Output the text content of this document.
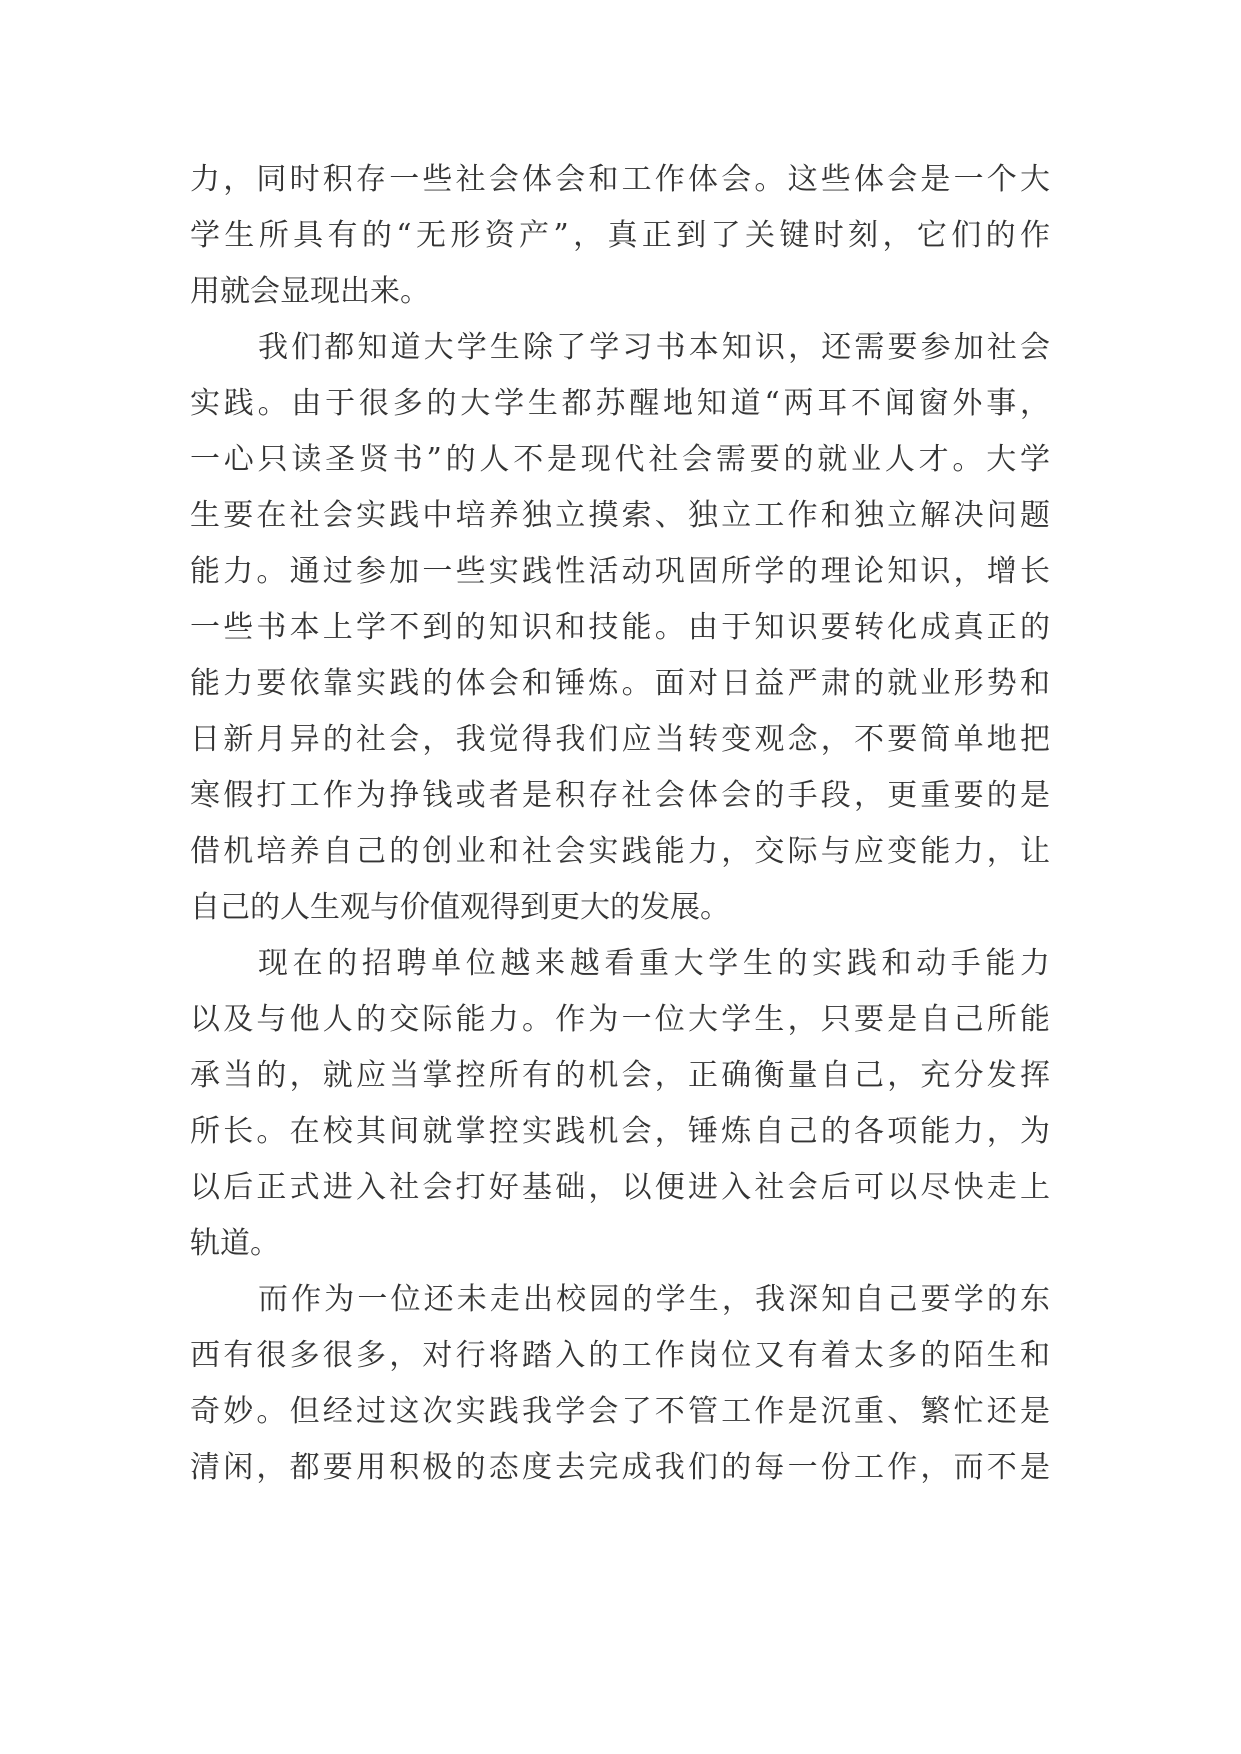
力，同时积存一些社会体会和工作体会。这些体会是一个大
学生所具有的“无形资产”，真正到了关键时刻，它们的作
用就会显现出来。
我们都知道大学生除了学习书本知识，还需要参加社会
实践。由于很多的大学生都苏醒地知道“两耳不闻窗外事，
一心只读圣贤书”的人不是现代社会需要的就业人才。大学
生要在社会实践中培养独立摸索、独立工作和独立解决问题
能力。通过参加一些实践性活动巩固所学的理论知识，增长
一些书本上学不到的知识和技能。由于知识要转化成真正的
能力要依靠实践的体会和锤炼。面对日益严肃的就业形势和
日新月异的社会，我觉得我们应当转变观念，不要简单地把
寒假打工作为挣钱或者是积存社会体会的手段，更重要的是
借机培养自己的创业和社会实践能力，交际与应变能力，让
自己的人生观与价值观得到更大的发展。
现在的招聘单位越来越看重大学生的实践和动手能力
以及与他人的交际能力。作为一位大学生，只要是自己所能
承当的，就应当掌控所有的机会，正确衡量自己，充分发挥
所长。在校其间就掌控实践机会，锤炼自己的各项能力，为
以后正式进入社会打好基础，以便进入社会后可以尽快走上
轨道。
而作为一位还未走出校园的学生，我深知自己要学的东
西有很多很多，对行将踏入的工作岗位又有着太多的陌生和
奇妙。但经过这次实践我学会了不管工作是沉重、繁忙还是
清闲，都要用积极的态度去完成我们的每一份工作，而不是
